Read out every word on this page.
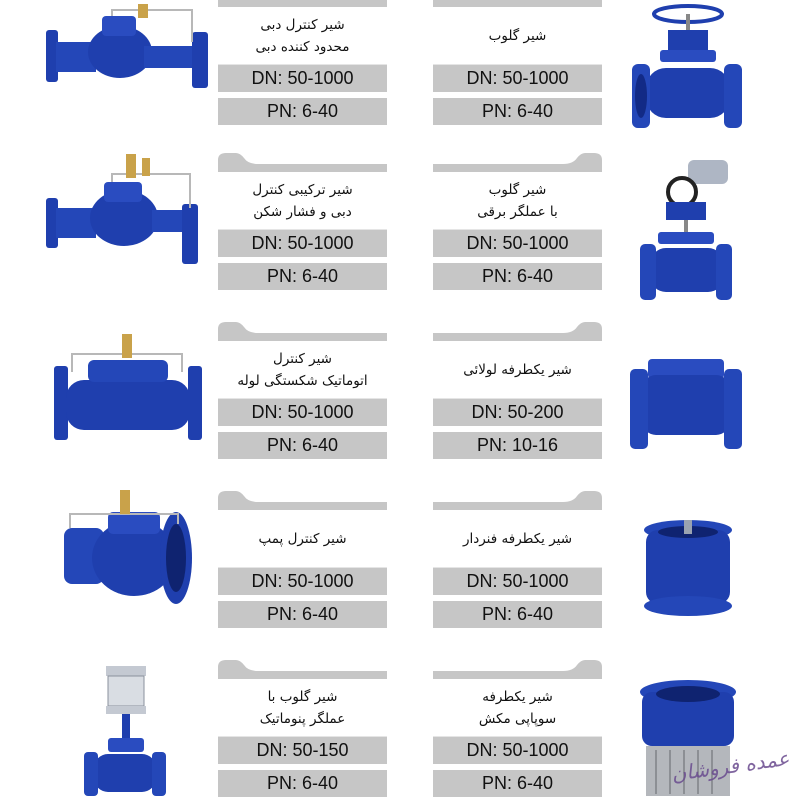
شیر کنترل دبی
محدود کننده دبی
DN: 50-1000
PN: 6-40
شیر گلوب
DN: 50-1000
PN: 6-40
شیر ترکیبی کنترل
دبی و فشار شکن
DN: 50-1000
PN: 6-40
شیر گلوب
با عملگر برقی
DN: 50-1000
PN: 6-40
شیر کنترل
اتوماتیک شکستگی لوله
DN: 50-1000
PN: 6-40
شیر یکطرفه لولائی
DN: 50-200
PN: 10-16
شیر کنترل پمپ
DN: 50-1000
PN: 6-40
شیر یکطرفه فنردار
DN: 50-1000
PN: 6-40
شیر گلوب با
عملگر پنوماتیک
DN: 50-150
PN: 6-40
شیر یکطرفه
سوپاپی مکش
DN: 50-1000
PN: 6-40	عمده فروشان
